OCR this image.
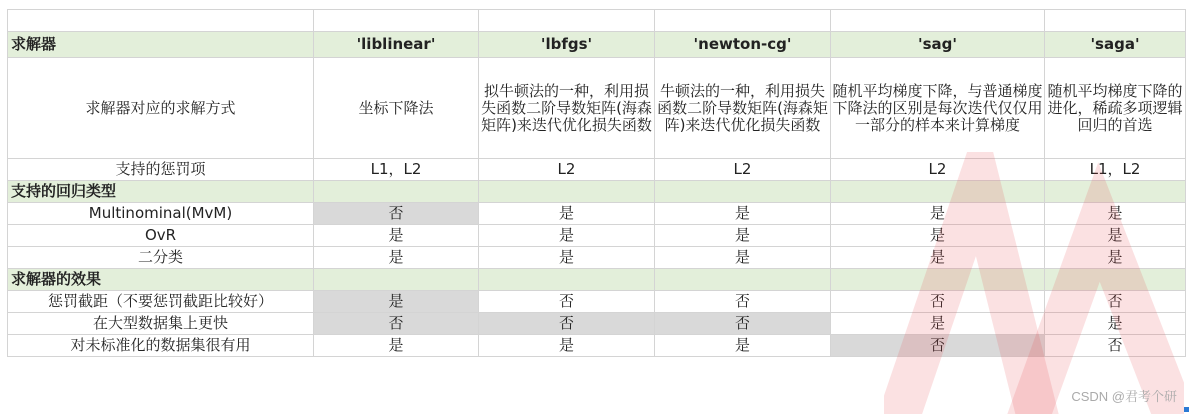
求解器	'liblinear'	'lbfgs'	'newton-cg'	'sag'	'saga'
求解器对应的求解方式	坐标下降法	拟牛顿法的一种，利用损失函数二阶导数矩阵(海森矩阵)来迭代优化损失函数	牛顿法的一种，利用损失函数二阶导数矩阵(海森矩阵)来迭代优化损失函数	随机平均梯度下降，与普通梯度下降法的区别是每次迭代仅仅用一部分的样本来计算梯度	随机平均梯度下降的进化，稀疏多项逻辑回归的首选
支持的惩罚项	L1，L2	L2	L2	L2	L1，L2
支持的回归类型					
Multinominal(MvM)	否	是	是	是	是
OvR	是	是	是	是	是
二分类	是	是	是	是	是
求解器的效果					
惩罚截距（不要惩罚截距比较好）	是	否	否	否	否
在大型数据集上更快	否	否	否	是	是
对未标准化的数据集很有用	是	是	是	否	否
CSDN @君考个研
